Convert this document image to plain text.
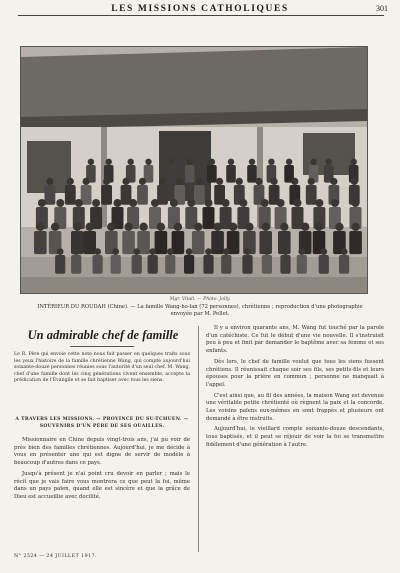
LES MISSIONS CATHOLIQUES	301
Mgr. Vitali. — Photo. Jolly.
INTÉRIEUR DU ROUDAH (Chine). — La famille Wang-ho-lan (72 personnes), chrétienne ; reproduction d'une photographie envoyée par M. Pellet.
Un admirable chef de famille
Le R. Père qui envoie cette note nous fait passer en quelques traits sous les yeux l'histoire de la famille chrétienne Wang, qui compte aujourd'hui soixante-douze personnes réunies sous l'autorité d'un seul chef. M. Wang, chef d'une famille dont les cinq générations vivent ensemble, accepte la prédication de l'Évangile et se fait baptiser avec tous les siens.
A TRAVERS LES MISSIONS. — PROVINCE DU SU-TCHUEN. — SOUVENIRS D'UN PÈRE DE SES OUAILLES.

Missionnaire en Chine depuis vingt-trois ans, j'ai pu voir de près bien des familles chrétiennes. Aujourd'hui, je me décide à vous en présenter une qui est digne de servir de modèle à beaucoup d'autres dans ce pays.

Jusqu'à présent je n'ai point cru devoir en parler ; mais le récit que je vais faire vous montrera ce que peut la foi, même dans un pays païen, quand elle est sincère et que la grâce de Dieu est accueillie avec docilité.

Il y a environ quarante ans, M. Wang fut touché par la parole d'un catéchiste. Ce fut le début d'une vie nouvelle. Il s'instruisit peu à peu et finit par demander le baptême avec sa femme et ses enfants.

Dès lors, le chef de famille voulut que tous les siens fussent chrétiens. Il réunissait chaque soir ses fils, ses petits-fils et leurs épouses pour la prière en commun ; personne ne manquait à l'appel.

C'est ainsi que, au fil des années, la maison Wang est devenue une véritable petite chrétienté où règnent la paix et la concorde. Les voisins païens eux-mêmes en sont frappés et plusieurs ont demandé à être instruits.

Aujourd'hui, le vieillard compte soixante-douze descendants, tous baptisés, et il peut se réjouir de voir la foi se transmettre fidèlement d'une génération à l'autre.

N° 2524 — 24 JUILLET 1917.
